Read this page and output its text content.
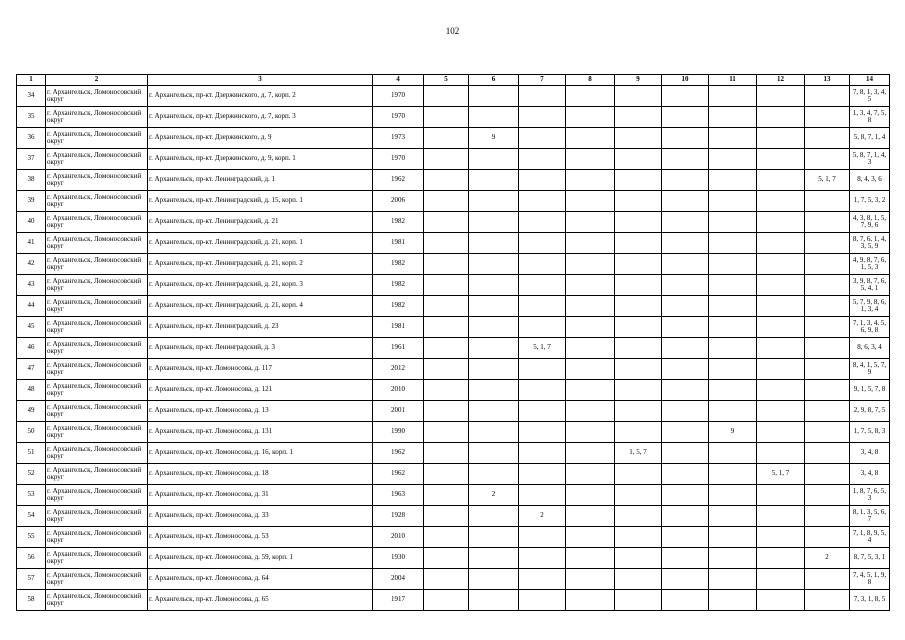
102
1	2	3	4	5	6	7	8	9	10	11	12	13	14
34	г. Архангельск, Ломоносовский округ	г. Архангельск, пр-кт. Дзержинского, д. 7, корп. 2	1970										7, 8, 1, 3, 4, 5
35	г. Архангельск, Ломоносовский округ	г. Архангельск, пр-кт. Дзержинского, д. 7, корп. 3	1970										1, 3, 4, 7, 5, 8
36	г. Архангельск, Ломоносовский округ	г. Архангельск, пр-кт. Дзержинского, д. 9	1973		9								5, 8, 7, 1, 4
37	г. Архангельск, Ломоносовский округ	г. Архангельск, пр-кт. Дзержинского, д. 9, корп. 1	1970										5, 8, 7, 1, 4, 3
38	г. Архангельск, Ломоносовский округ	г. Архангельск, пр-кт. Ленинградский, д. 1	1962									5, 1, 7	8, 4, 3, 6
39	г. Архангельск, Ломоносовский округ	г. Архангельск, пр-кт. Ленинградский, д. 15, корп. 1	2006										1, 7, 5, 3, 2
40	г. Архангельск, Ломоносовский округ	г. Архангельск, пр-кт. Ленинградский, д. 21	1982										4, 3, 8, 1, 5, 7, 9, 6
41	г. Архангельск, Ломоносовский округ	г. Архангельск, пр-кт. Ленинградский, д. 21, корп. 1	1981										8, 7, 6, 1, 4, 3, 5, 9
42	г. Архангельск, Ломоносовский округ	г. Архангельск, пр-кт. Ленинградский, д. 21, корп. 2	1982										4, 9, 8, 7, 6, 1, 5, 3
43	г. Архангельск, Ломоносовский округ	г. Архангельск, пр-кт. Ленинградский, д. 21, корп. 3	1982										3, 9, 8, 7, 6, 5, 4, 1
44	г. Архангельск, Ломоносовский округ	г. Архангельск, пр-кт. Ленинградский, д. 21, корп. 4	1982										5, 7, 9, 8, 6, 1, 3, 4
45	г. Архангельск, Ломоносовский округ	г. Архангельск, пр-кт. Ленинградский, д. 23	1981										7, 1, 3, 4, 5, 6, 9, 8
46	г. Архангельск, Ломоносовский округ	г. Архангельск, пр-кт. Ленинградский, д. 3	1961			5, 1, 7							8, 6, 3, 4
47	г. Архангельск, Ломоносовский округ	г. Архангельск, пр-кт. Ломоносова, д. 117	2012										8, 4, 1, 5, 7, 9
48	г. Архангельск, Ломоносовский округ	г. Архангельск, пр-кт. Ломоносова, д. 121	2010										9, 1, 5, 7, 8
49	г. Архангельск, Ломоносовский округ	г. Архангельск, пр-кт. Ломоносова, д. 13	2001										2, 9, 8, 7, 5
50	г. Архангельск, Ломоносовский округ	г. Архангельск, пр-кт. Ломоносова, д. 131	1990							9			1, 7, 5, 8, 3
51	г. Архангельск, Ломоносовский округ	г. Архангельск, пр-кт. Ломоносова, д. 16, корп. 1	1962					1, 5, 7					3, 4, 8
52	г. Архангельск, Ломоносовский округ	г. Архангельск, пр-кт. Ломоносова, д. 18	1962								5, 1, 7		3, 4, 8
53	г. Архангельск, Ломоносовский округ	г. Архангельск, пр-кт. Ломоносова, д. 31	1963		2								1, 8, 7, 6, 5, 3
54	г. Архангельск, Ломоносовский округ	г. Архангельск, пр-кт. Ломоносова, д. 33	1928			2							8, 1, 3, 5, 6, 7
55	г. Архангельск, Ломоносовский округ	г. Архангельск, пр-кт. Ломоносова, д. 53	2010										7, 1, 8, 9, 5, 4
56	г. Архангельск, Ломоносовский округ	г. Архангельск, пр-кт. Ломоносова, д. 59, корп. 1	1930									2	8, 7, 5, 3, 1
57	г. Архангельск, Ломоносовский округ	г. Архангельск, пр-кт. Ломоносова, д. 64	2004										7, 4, 5, 1, 9, 8
58	г. Архангельск, Ломоносовский округ	г. Архангельск, пр-кт. Ломоносова, д. 65	1917										7, 3, 1, 8, 5
